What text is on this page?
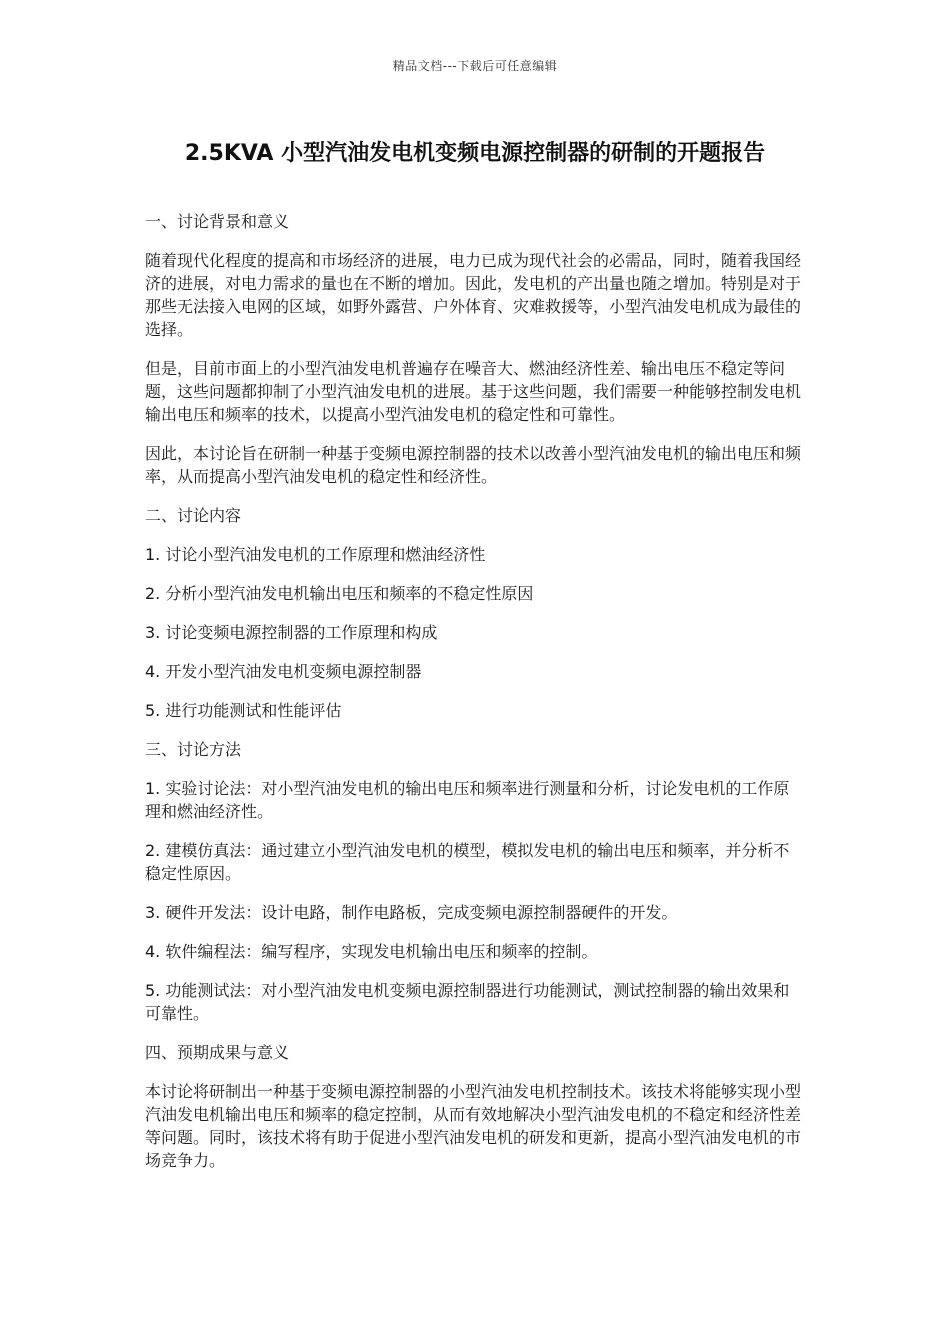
精品文档---下载后可任意编辑
2.5KVA 小型汽油发电机变频电源控制器的研制的开题报告

一、讨论背景和意义

随着现代化程度的提高和市场经济的进展，电力已成为现代社会的必需品，同时，随着我国经济的进展，对电力需求的量也在不断的增加。因此，发电机的产出量也随之增加。特别是对于那些无法接入电网的区域，如野外露营、户外体育、灾难救援等，小型汽油发电机成为最佳的选择。

但是，目前市面上的小型汽油发电机普遍存在噪音大、燃油经济性差、输出电压不稳定等问题，这些问题都抑制了小型汽油发电机的进展。基于这些问题，我们需要一种能够控制发电机输出电压和频率的技术，以提高小型汽油发电机的稳定性和可靠性。

因此，本讨论旨在研制一种基于变频电源控制器的技术以改善小型汽油发电机的输出电压和频率，从而提高小型汽油发电机的稳定性和经济性。

二、讨论内容

1. 讨论小型汽油发电机的工作原理和燃油经济性

2. 分析小型汽油发电机输出电压和频率的不稳定性原因

3. 讨论变频电源控制器的工作原理和构成

4. 开发小型汽油发电机变频电源控制器

5. 进行功能测试和性能评估

三、讨论方法

1. 实验讨论法：对小型汽油发电机的输出电压和频率进行测量和分析，讨论发电机的工作原理和燃油经济性。

2. 建模仿真法：通过建立小型汽油发电机的模型，模拟发电机的输出电压和频率，并分析不稳定性原因。

3. 硬件开发法：设计电路，制作电路板，完成变频电源控制器硬件的开发。

4. 软件编程法：编写程序，实现发电机输出电压和频率的控制。

5. 功能测试法：对小型汽油发电机变频电源控制器进行功能测试，测试控制器的输出效果和可靠性。

四、预期成果与意义

本讨论将研制出一种基于变频电源控制器的小型汽油发电机控制技术。该技术将能够实现小型汽油发电机输出电压和频率的稳定控制，从而有效地解决小型汽油发电机的不稳定和经济性差等问题。同时，该技术将有助于促进小型汽油发电机的研发和更新，提高小型汽油发电机的市场竞争力。
